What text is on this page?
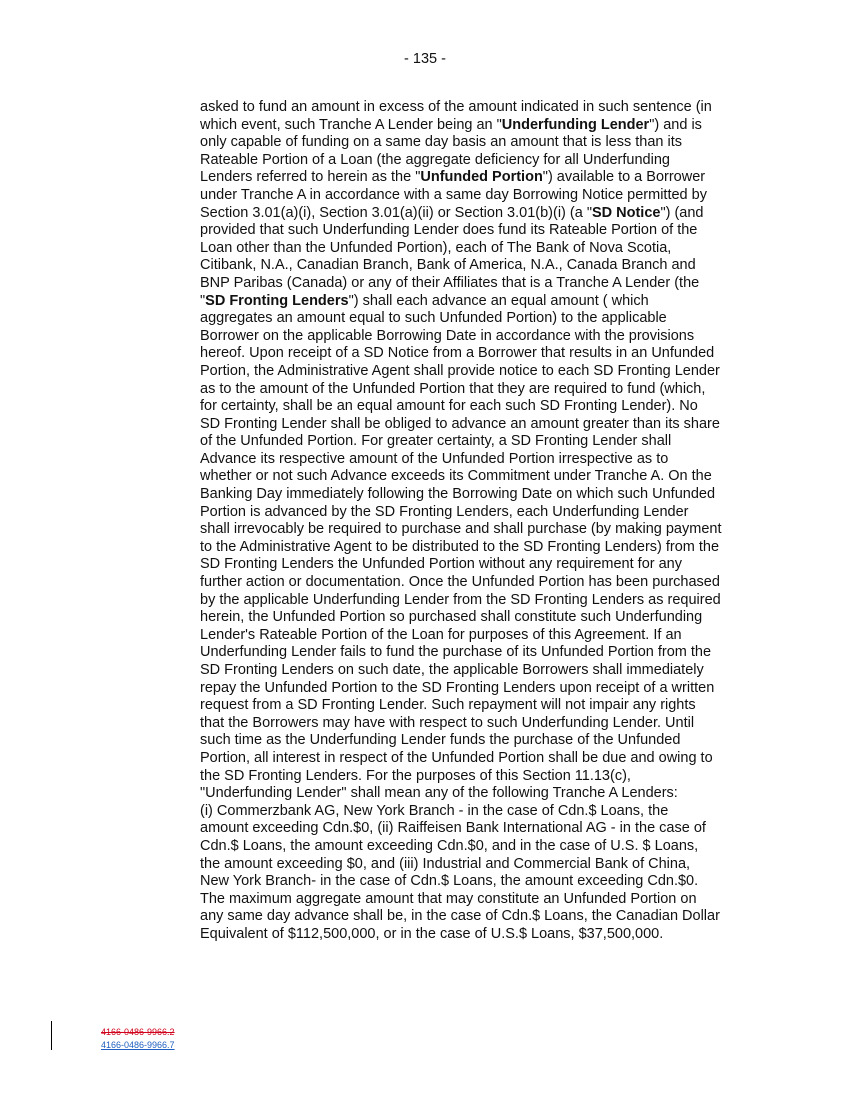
- 135 -
asked to fund an amount in excess of the amount indicated in such sentence (in
which event, such Tranche A Lender being an "Underfunding Lender") and is
only capable of funding on a same day basis an amount that is less than its
Rateable Portion of a Loan (the aggregate deficiency for all Underfunding
Lenders referred to herein as the "Unfunded Portion") available to a Borrower
under Tranche A in accordance with a same day Borrowing Notice permitted by
Section 3.01(a)(i), Section 3.01(a)(ii) or Section 3.01(b)(i) (a "SD Notice") (and
provided that such Underfunding Lender does fund its Rateable Portion of the
Loan other than the Unfunded Portion), each of The Bank of Nova Scotia,
Citibank, N.A., Canadian Branch, Bank of America, N.A., Canada Branch and
BNP Paribas (Canada) or any of their Affiliates that is a Tranche A Lender (the
"SD Fronting Lenders") shall each advance an equal amount ( which
aggregates an amount equal to such Unfunded Portion) to the applicable
Borrower on the applicable Borrowing Date in accordance with the provisions
hereof. Upon receipt of a SD Notice from a Borrower that results in an Unfunded
Portion, the Administrative Agent shall provide notice to each SD Fronting Lender
as to the amount of the Unfunded Portion that they are required to fund (which,
for certainty, shall be an equal amount for each such SD Fronting Lender). No
SD Fronting Lender shall be obliged to advance an amount greater than its share
of the Unfunded Portion. For greater certainty, a SD Fronting Lender shall
Advance its respective amount of the Unfunded Portion irrespective as to
whether or not such Advance exceeds its Commitment under Tranche A. On the
Banking Day immediately following the Borrowing Date on which such Unfunded
Portion is advanced by the SD Fronting Lenders, each Underfunding Lender
shall irrevocably be required to purchase and shall purchase (by making payment
to the Administrative Agent to be distributed to the SD Fronting Lenders) from the
SD Fronting Lenders the Unfunded Portion without any requirement for any
further action or documentation. Once the Unfunded Portion has been purchased
by the applicable Underfunding Lender from the SD Fronting Lenders as required
herein, the Unfunded Portion so purchased shall constitute such Underfunding
Lender's Rateable Portion of the Loan for purposes of this Agreement. If an
Underfunding Lender fails to fund the purchase of its Unfunded Portion from the
SD Fronting Lenders on such date, the applicable Borrowers shall immediately
repay the Unfunded Portion to the SD Fronting Lenders upon receipt of a written
request from a SD Fronting Lender. Such repayment will not impair any rights
that the Borrowers may have with respect to such Underfunding Lender. Until
such time as the Underfunding Lender funds the purchase of the Unfunded
Portion, all interest in respect of the Unfunded Portion shall be due and owing to
the SD Fronting Lenders. For the purposes of this Section 11.13(c),
"Underfunding Lender" shall mean any of the following Tranche A Lenders:
(i) Commerzbank AG, New York Branch - in the case of Cdn.$ Loans, the
amount exceeding Cdn.$0, (ii) Raiffeisen Bank International AG - in the case of
Cdn.$ Loans, the amount exceeding Cdn.$0, and in the case of U.S. $ Loans,
the amount exceeding $0, and (iii) Industrial and Commercial Bank of China,
New York Branch- in the case of Cdn.$ Loans, the amount exceeding Cdn.$0.
The maximum aggregate amount that may constitute an Unfunded Portion on
any same day advance shall be, in the case of Cdn.$ Loans, the Canadian Dollar
Equivalent of $112,500,000, or in the case of U.S.$ Loans, $37,500,000.
4166-0486-9966.2
4166-0486-9966.7
